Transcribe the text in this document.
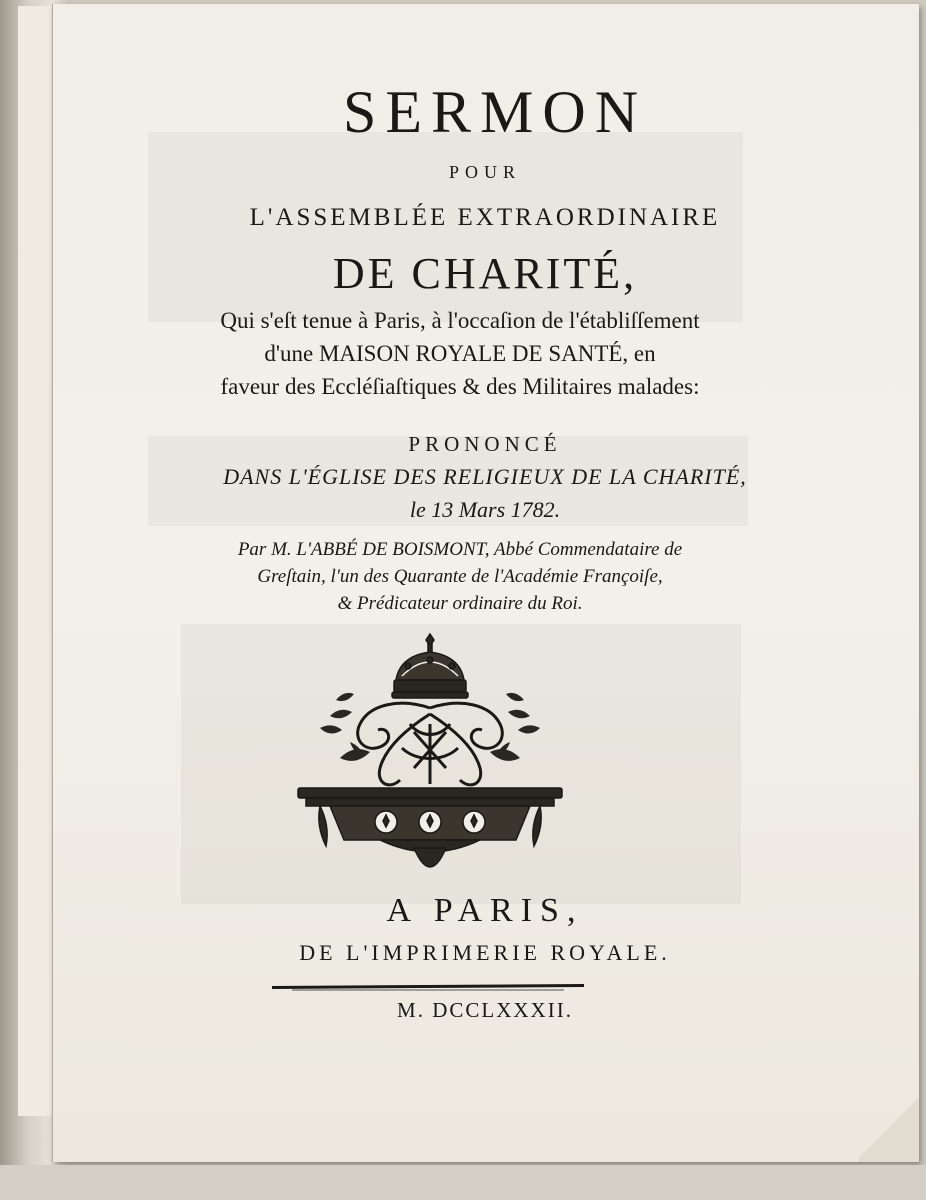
SERMON
POUR
L'ASSEMBLÉE EXTRAORDINAIRE
DE CHARITÉ,
Qui s'eſt tenue à Paris, à l'occaſion de l'établiſſement
d'une MAISON ROYALE DE SANTÉ, en
faveur des Eccléſiaſtiques & des Militaires malades:
PRONONCÉ
DANS L'ÉGLISE DES RELIGIEUX DE LA CHARITÉ,
le 13 Mars 1782.
Par M. L'ABBÉ DE BOISMONT, Abbé Commendataire de
Greſtain, l'un des Quarante de l'Académie Françoiſe,
& Prédicateur ordinaire du Roi.
A PARIS,
DE L'IMPRIMERIE ROYALE.
M. DCCLXXXII.
